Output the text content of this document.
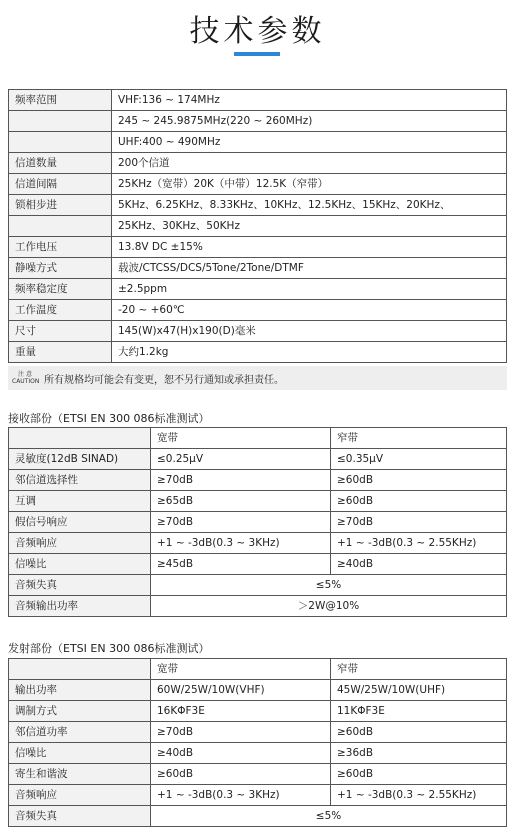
技术参数
频率范围	VHF:136 ~ 174MHz
	245 ~ 245.9875MHz(220 ~ 260MHz)
	UHF:400 ~ 490MHz
信道数量	200个信道
信道间隔	25KHz（宽带）20K（中带）12.5K（窄带）
锁相步进	5KHz、6.25KHz、8.33KHz、10KHz、12.5KHz、15KHz、20KHz、
	25KHz、30KHz、50KHz
工作电压	13.8V DC ±15%
静噪方式	载波/CTCSS/DCS/5Tone/2Tone/DTMF
频率稳定度	±2.5ppm
工作温度	-20 ~ +60℃
尺寸	145(W)x47(H)x190(D)毫米
重量	大约1.2kg
注 意
CAUTION 所有规格均可能会有变更，恕不另行通知或承担责任。
接收部份（ETSI EN 300 086标准测试）
	宽带	窄带
灵敏度(12dB SINAD)	≤0.25μV	≤0.35μV
邻信道选择性	≥70dB	≥60dB
互调	≥65dB	≥60dB
假信号响应	≥70dB	≥70dB
音频响应	+1 ~ -3dB(0.3 ~ 3KHz)	+1 ~ -3dB(0.3 ~ 2.55KHz)
信噪比	≥45dB	≥40dB
音频失真	≤5%	
音频输出功率	＞2W@10%	
发射部份（ETSI EN 300 086标准测试）
	宽带	窄带
输出功率	60W/25W/10W(VHF)	45W/25W/10W(UHF)
调制方式	16KΦF3E	11KΦF3E
邻信道功率	≥70dB	≥60dB
信噪比	≥40dB	≥36dB
寄生和谐波	≥60dB	≥60dB
音频响应	+1 ~ -3dB(0.3 ~ 3KHz)	+1 ~ -3dB(0.3 ~ 2.55KHz)
音频失真	≤5%	
